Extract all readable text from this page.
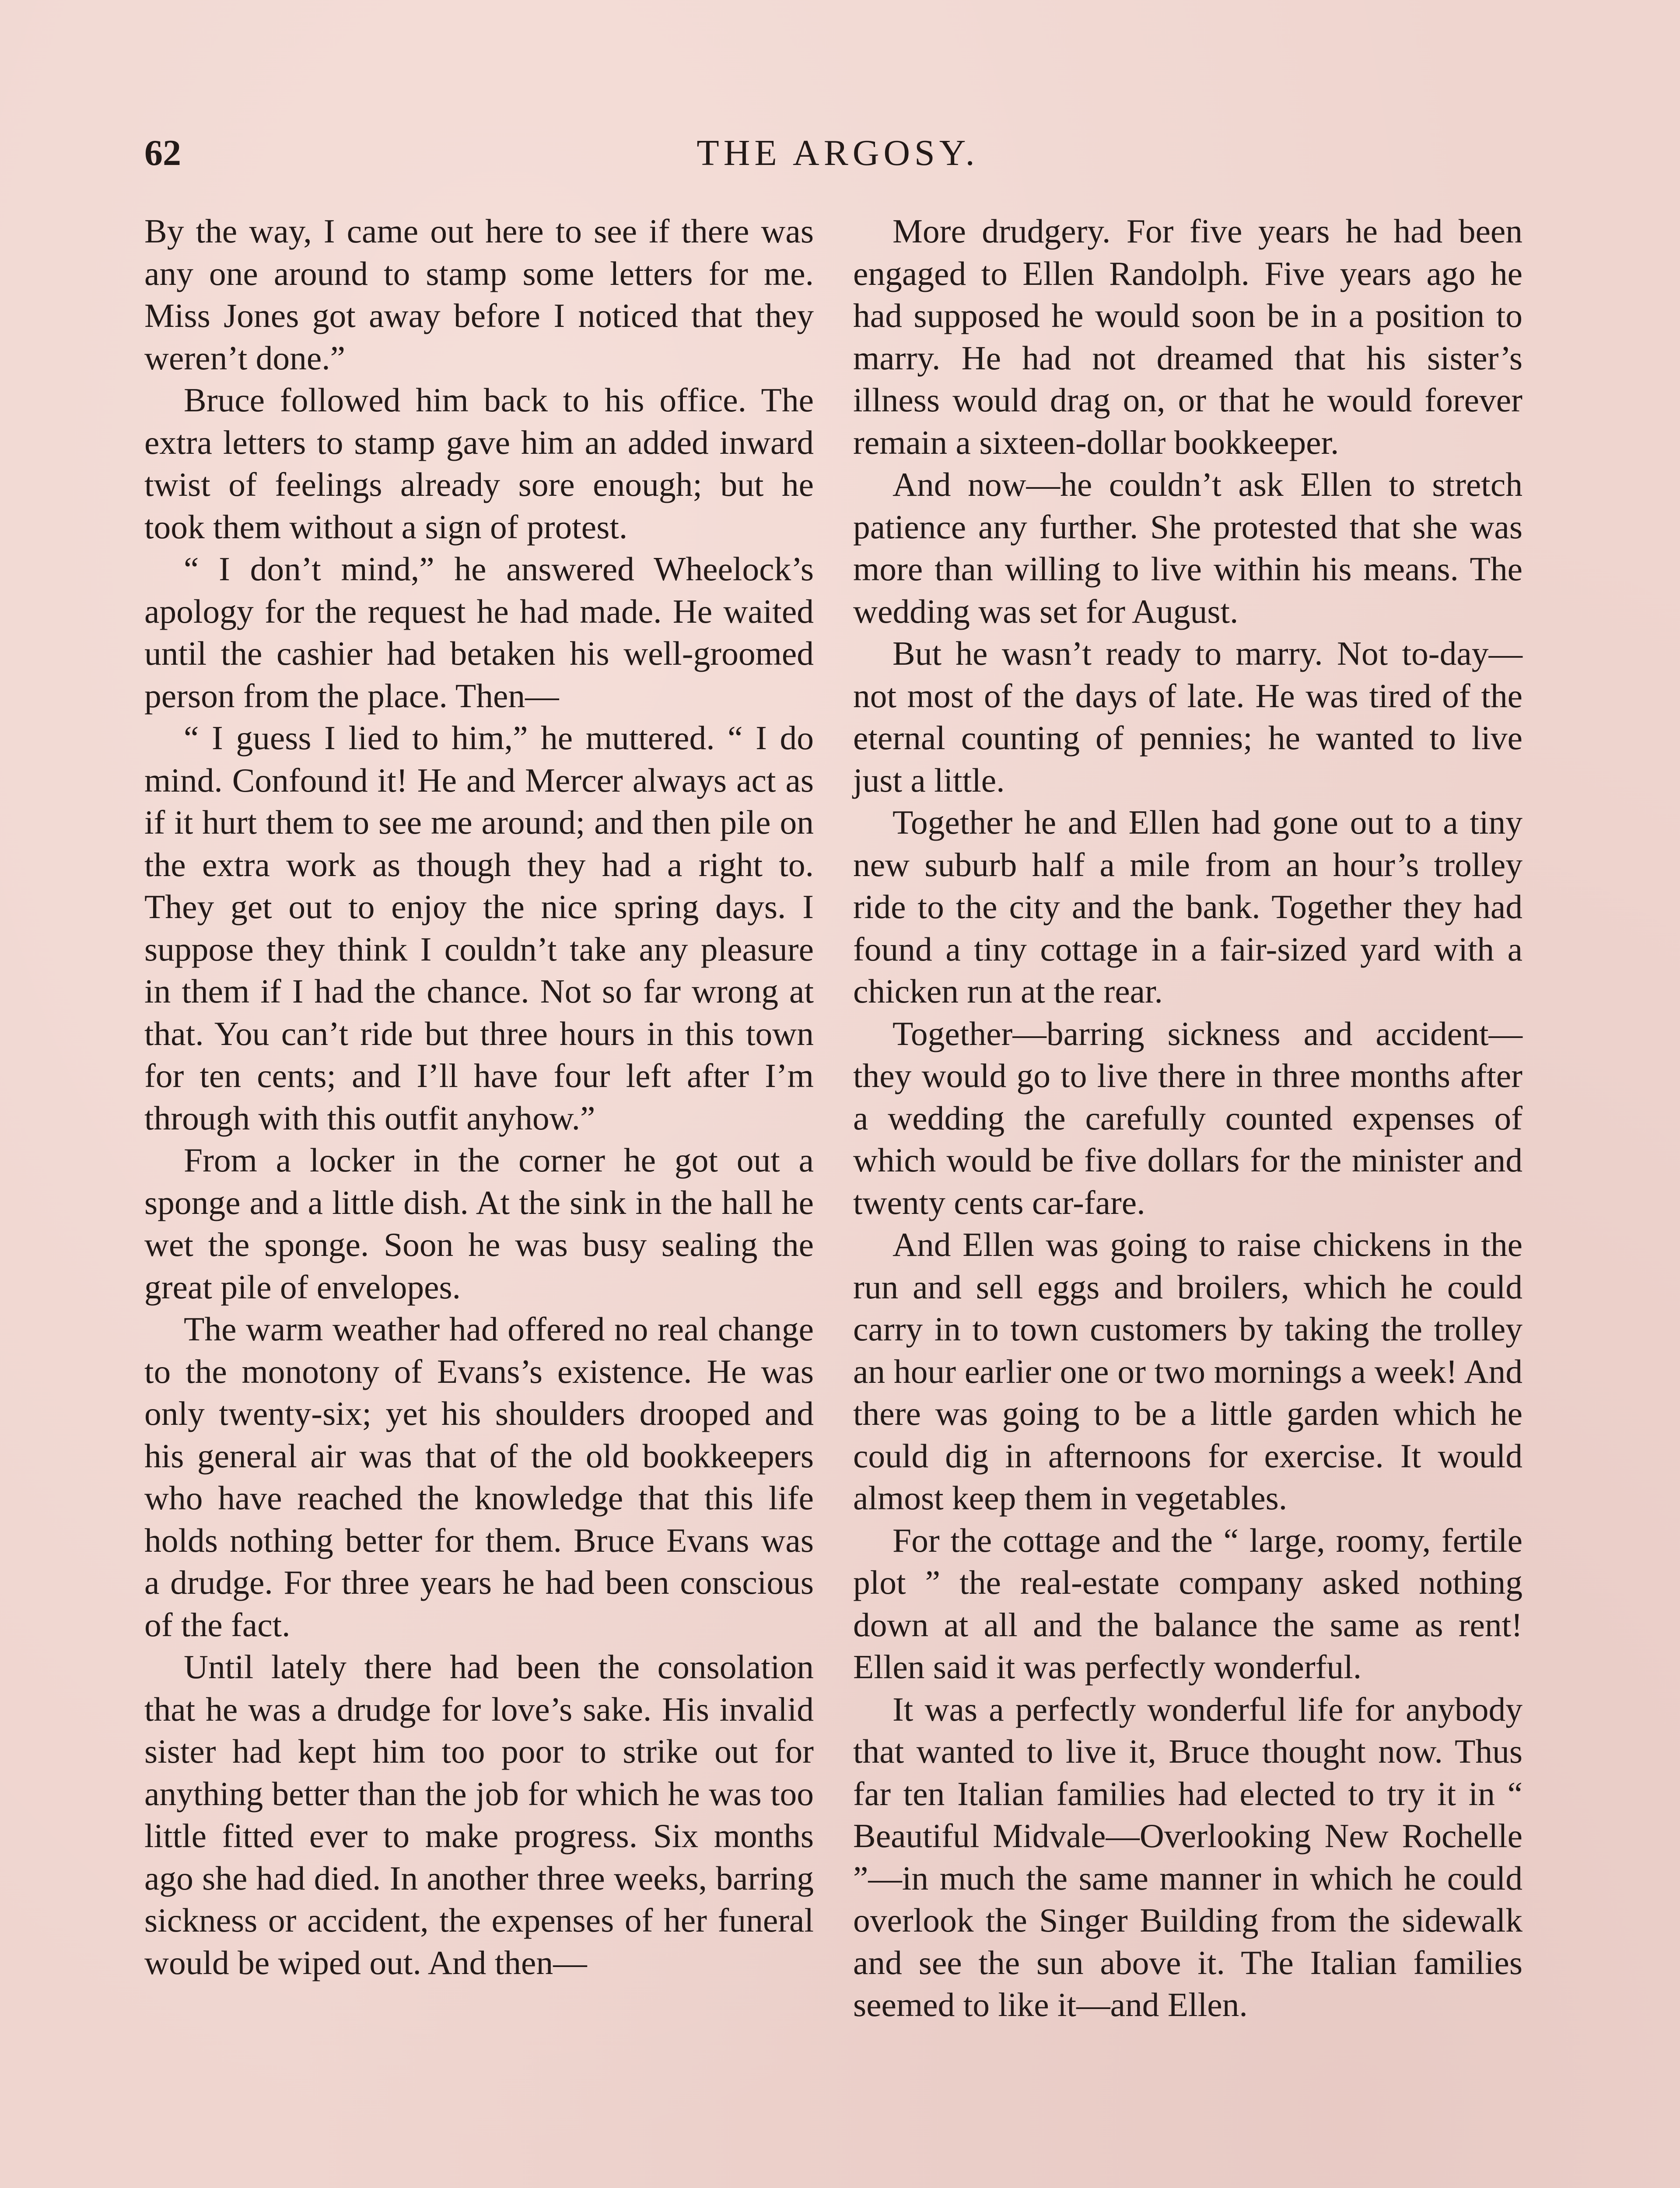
62	THE ARGOSY.

By the way, I came out here to see if there was any one around to stamp some letters for me. Miss Jones got away before I noticed that they weren’t done.”

Bruce followed him back to his office. The extra letters to stamp gave him an added inward twist of feelings already sore enough; but he took them without a sign of protest.

“ I don’t mind,” he answered Wheelock’s apology for the request he had made. He waited until the cashier had betaken his well-groomed person from the place. Then—

“ I guess I lied to him,” he muttered. “ I do mind. Confound it! He and Mercer always act as if it hurt them to see me around; and then pile on the extra work as though they had a right to. They get out to enjoy the nice spring days. I suppose they think I couldn’t take any pleasure in them if I had the chance. Not so far wrong at that. You can’t ride but three hours in this town for ten cents; and I’ll have four left after I’m through with this outfit anyhow.”

From a locker in the corner he got out a sponge and a little dish. At the sink in the hall he wet the sponge. Soon he was busy sealing the great pile of envelopes.

The warm weather had offered no real change to the monotony of Evans’s existence. He was only twenty-six; yet his shoulders drooped and his general air was that of the old bookkeepers who have reached the knowledge that this life holds nothing better for them. Bruce Evans was a drudge. For three years he had been conscious of the fact.

Until lately there had been the consolation that he was a drudge for love’s sake. His invalid sister had kept him too poor to strike out for anything better than the job for which he was too little fitted ever to make progress. Six months ago she had died. In another three weeks, barring sickness or accident, the expenses of her funeral would be wiped out. And then—

More drudgery. For five years he had been engaged to Ellen Randolph. Five years ago he had supposed he would soon be in a position to marry. He had not dreamed that his sister’s illness would drag on, or that he would forever remain a sixteen-dollar bookkeeper.

And now—he couldn’t ask Ellen to stretch patience any further. She protested that she was more than willing to live within his means. The wedding was set for August.

But he wasn’t ready to marry. Not to-day—not most of the days of late. He was tired of the eternal counting of pennies; he wanted to live just a little.

Together he and Ellen had gone out to a tiny new suburb half a mile from an hour’s trolley ride to the city and the bank. Together they had found a tiny cottage in a fair-sized yard with a chicken run at the rear.

Together—barring sickness and accident—they would go to live there in three months after a wedding the carefully counted expenses of which would be five dollars for the minister and twenty cents car-fare.

And Ellen was going to raise chickens in the run and sell eggs and broilers, which he could carry in to town customers by taking the trolley an hour earlier one or two mornings a week! And there was going to be a little garden which he could dig in afternoons for exercise. It would almost keep them in vegetables.

For the cottage and the “ large, roomy, fertile plot ” the real-estate company asked nothing down at all and the balance the same as rent! Ellen said it was perfectly wonderful.

It was a perfectly wonderful life for anybody that wanted to live it, Bruce thought now. Thus far ten Italian families had elected to try it in “ Beautiful Midvale—Overlooking New Rochelle ”—in much the same manner in which he could overlook the Singer Building from the sidewalk and see the sun above it. The Italian families seemed to like it—and Ellen.
